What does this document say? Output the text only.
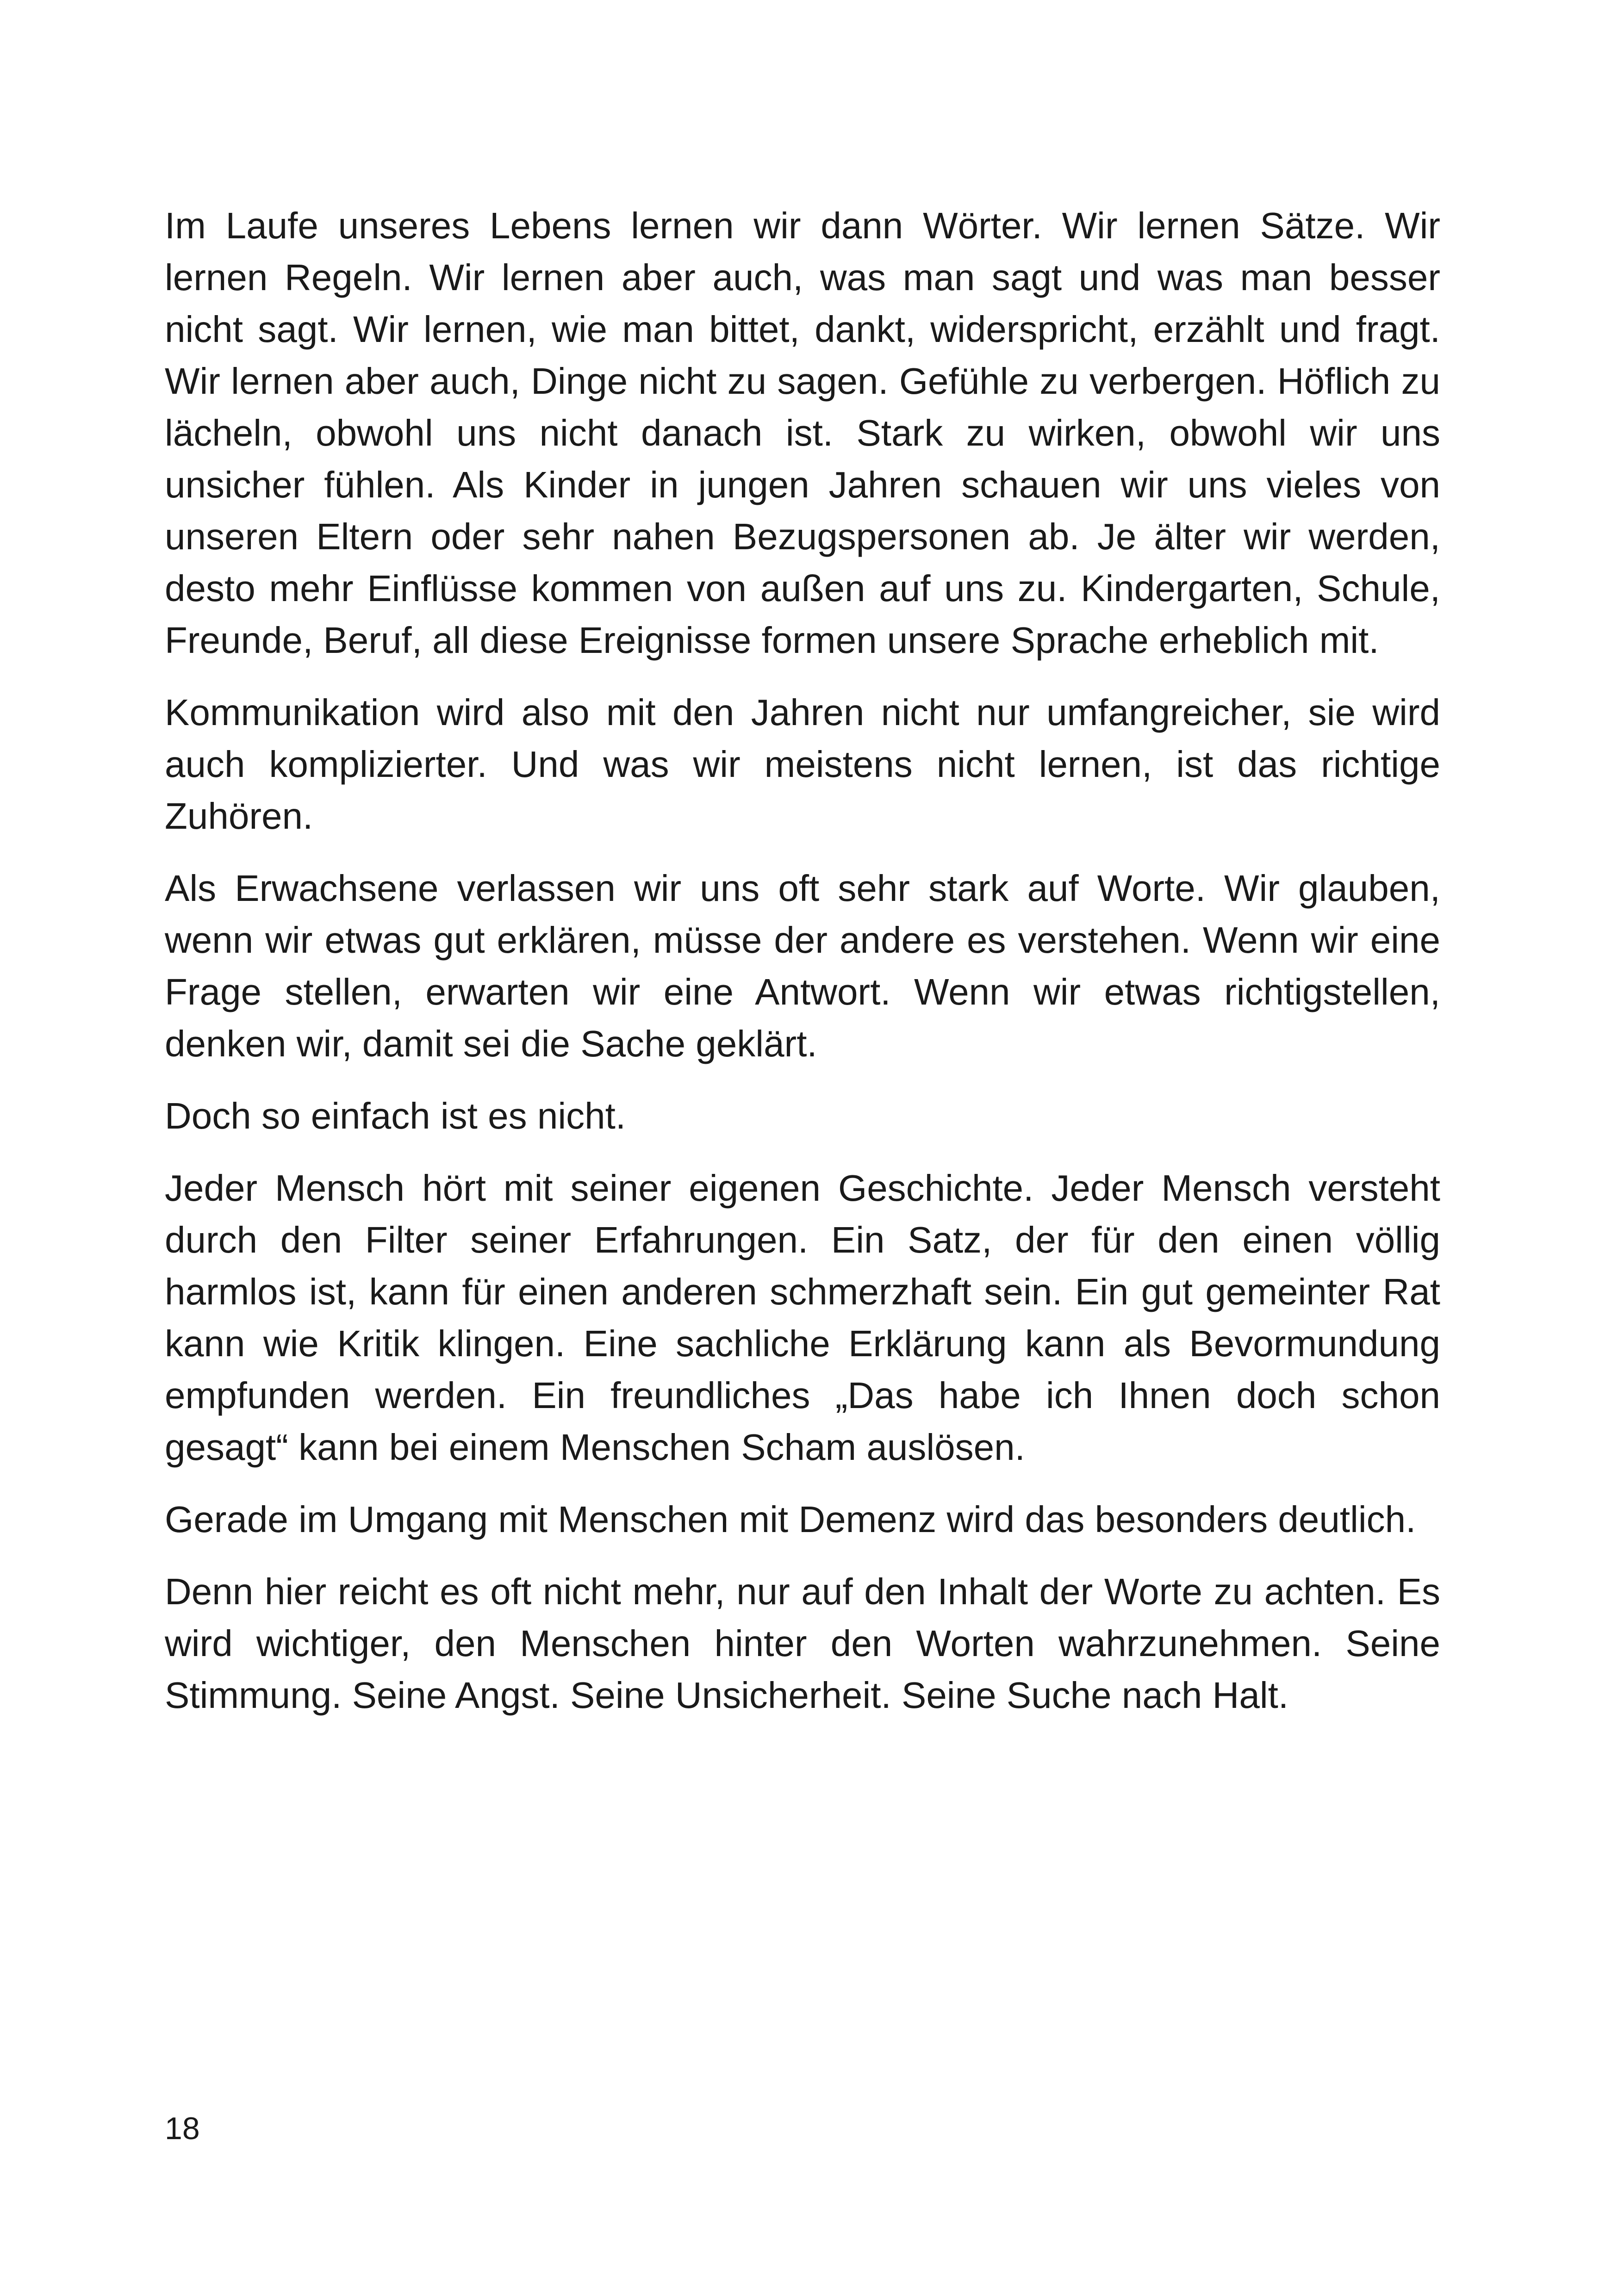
Im Laufe unseres Lebens lernen wir dann Wörter. Wir lernen Sätze. Wir lernen Regeln. Wir lernen aber auch, was man sagt und was man besser nicht sagt. Wir lernen, wie man bittet, dankt, widerspricht, erzählt und fragt. Wir lernen aber auch, Dinge nicht zu sagen. Gefühle zu verbergen. Höflich zu lächeln, obwohl uns nicht danach ist. Stark zu wirken, obwohl wir uns unsicher fühlen. Als Kinder in jungen Jahren schauen wir uns vieles von unseren Eltern oder sehr nahen Bezugspersonen ab. Je älter wir werden, desto mehr Einflüsse kommen von außen auf uns zu. Kindergarten, Schule, Freunde, Beruf, all diese Ereignisse formen unsere Sprache erheblich mit.

Kommunikation wird also mit den Jahren nicht nur umfangreicher, sie wird auch komplizierter. Und was wir meistens nicht lernen, ist das richtige Zuhören.

Als Erwachsene verlassen wir uns oft sehr stark auf Worte. Wir glauben, wenn wir etwas gut erklären, müsse der andere es verstehen. Wenn wir eine Frage stellen, erwarten wir eine Antwort. Wenn wir etwas richtigstellen, denken wir, damit sei die Sache geklärt.

Doch so einfach ist es nicht.

Jeder Mensch hört mit seiner eigenen Geschichte. Jeder Mensch versteht durch den Filter seiner Erfahrungen. Ein Satz, der für den einen völlig harmlos ist, kann für einen anderen schmerzhaft sein. Ein gut gemeinter Rat kann wie Kritik klingen. Eine sachliche Erklärung kann als Bevormundung empfunden werden. Ein freundliches „Das habe ich Ihnen doch schon gesagt“ kann bei einem Menschen Scham auslösen.

Gerade im Umgang mit Menschen mit Demenz wird das besonders deutlich.

Denn hier reicht es oft nicht mehr, nur auf den Inhalt der Worte zu achten. Es wird wichtiger, den Menschen hinter den Worten wahrzunehmen. Seine Stimmung. Seine Angst. Seine Unsicherheit. Seine Suche nach Halt.

18
